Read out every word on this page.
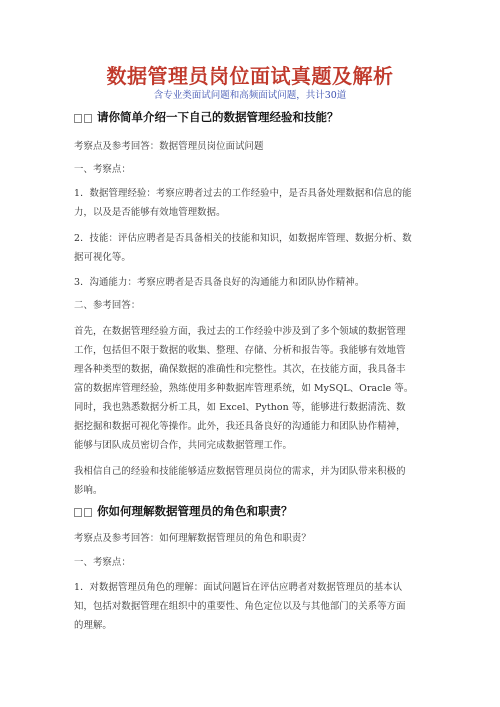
数据管理员岗位面试真题及解析
含专业类面试问题和高频面试问题，共计30道
请你简单介绍一下自己的数据管理经验和技能？
考察点及参考回答：数据管理员岗位面试问题
一、考察点：
1．数据管理经验：考察应聘者过去的工作经验中，是否具备处理数据和信息的能
力，以及是否能够有效地管理数据。
2．技能：评估应聘者是否具备相关的技能和知识，如数据库管理、数据分析、数
据可视化等。
3．沟通能力：考察应聘者是否具备良好的沟通能力和团队协作精神。
二、参考回答：
首先，在数据管理经验方面，我过去的工作经验中涉及到了多个领域的数据管理
工作，包括但不限于数据的收集、整理、存储、分析和报告等。我能够有效地管
理各种类型的数据，确保数据的准确性和完整性。其次，在技能方面，我具备丰
富的数据库管理经验，熟练使用多种数据库管理系统，如 MySQL、Oracle 等。
同时，我也熟悉数据分析工具，如 Excel、Python 等，能够进行数据清洗、数
据挖掘和数据可视化等操作。此外，我还具备良好的沟通能力和团队协作精神，
能够与团队成员密切合作，共同完成数据管理工作。
我相信自己的经验和技能能够适应数据管理员岗位的需求，并为团队带来积极的
影响。
你如何理解数据管理员的角色和职责？
考察点及参考回答：如何理解数据管理员的角色和职责？
一、考察点：
1．对数据管理员角色的理解：面试问题旨在评估应聘者对数据管理员的基本认
知，包括对数据管理在组织中的重要性、角色定位以及与其他部门的关系等方面
的理解。
